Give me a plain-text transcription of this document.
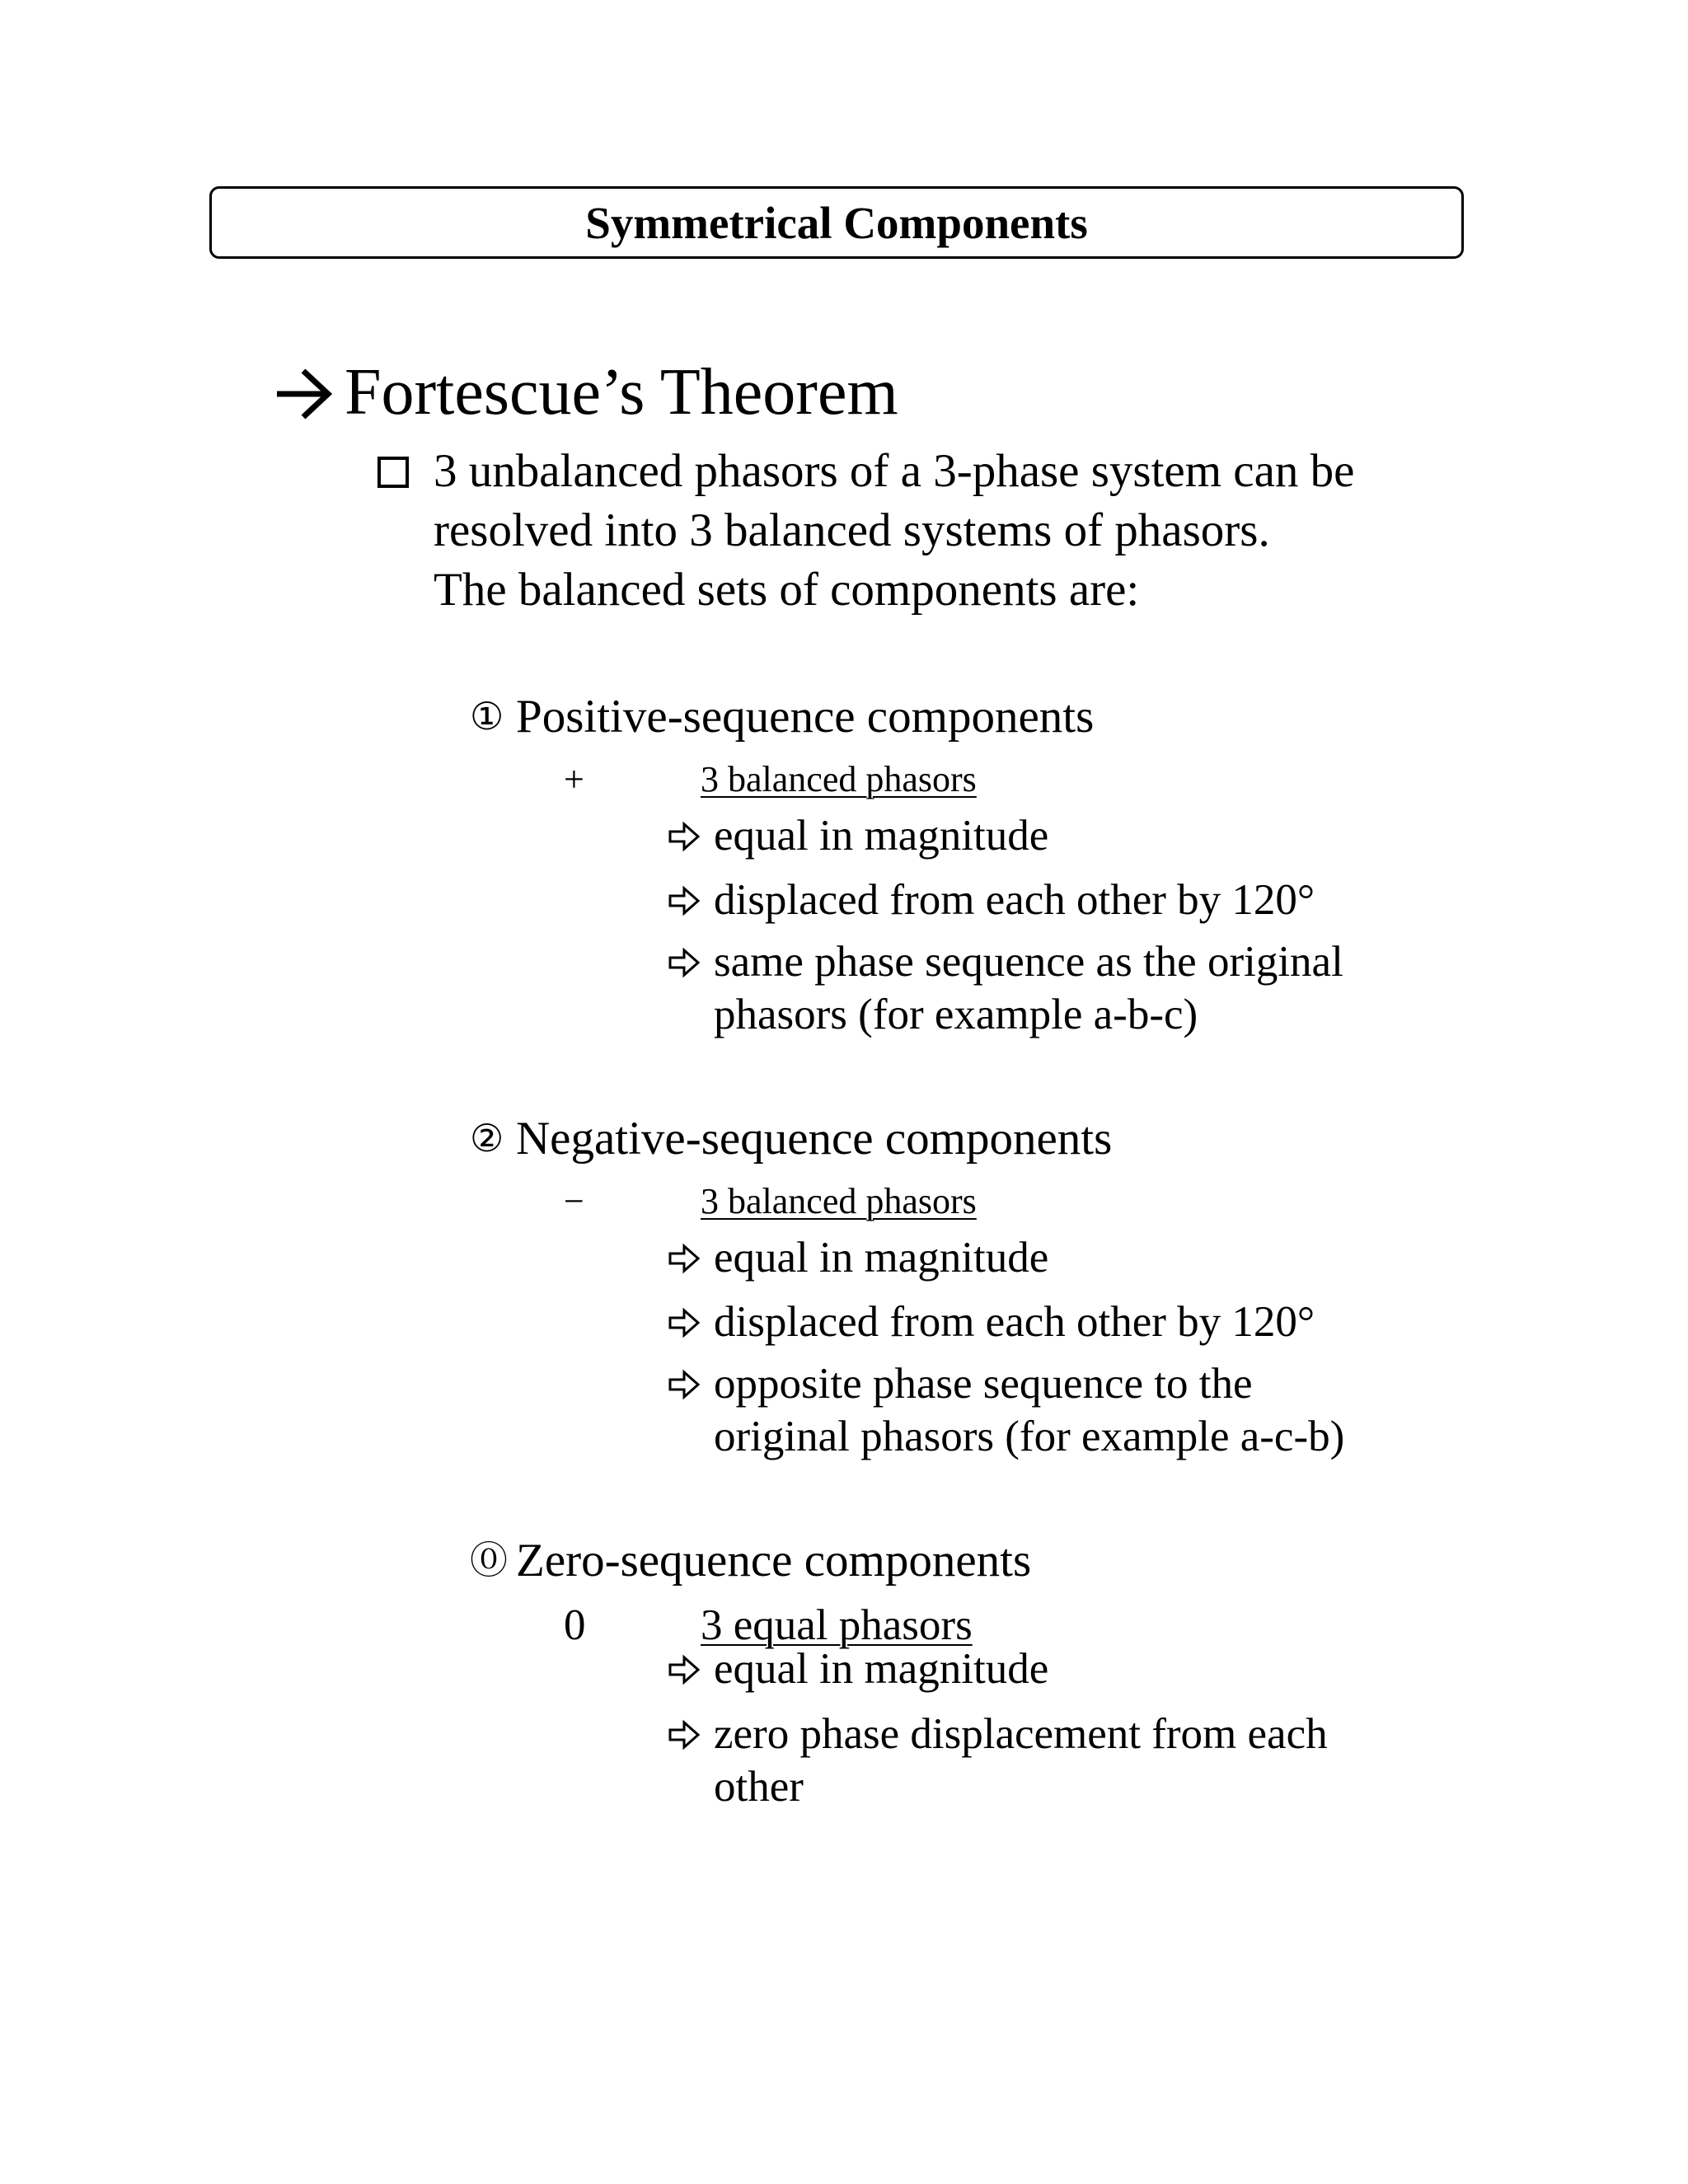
Symmetrical Components
Fortescue’s Theorem
3 unbalanced phasors of a 3-phase system can be
resolved into 3 balanced systems of phasors.
The balanced sets of components are:
① Positive-sequence components
+	3 balanced phasors
equal in magnitude
displaced from each other by 120°
same phase sequence as the original
phasors (for example a-b-c)
② Negative-sequence components
−	3 balanced phasors
equal in magnitude
displaced from each other by 120°
opposite phase sequence to the
original phasors (for example a-c-b)
⓪ Zero-sequence components
0	3 equal phasors
equal in magnitude
zero phase displacement from each
other
